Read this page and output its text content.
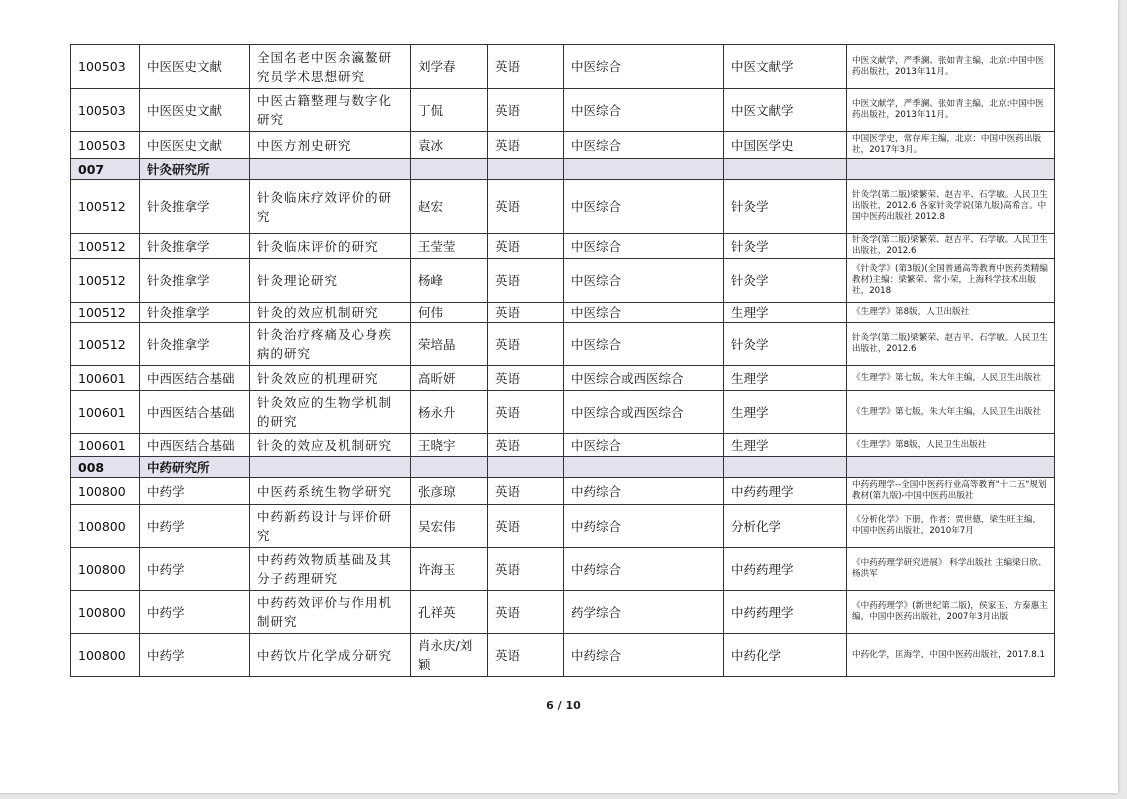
100503	中医医史文献	全国名老中医余瀛鳌研究员学术思想研究	刘学春	英语	中医综合	中医文献学	中医文献学，严季澜、张如青主编，北京:中国中医药出版社，2013年11月。
100503	中医医史文献	中医古籍整理与数字化研究	丁侃	英语	中医综合	中医文献学	中医文献学，严季澜、张如青主编，北京:中国中医药出版社，2013年11月。
100503	中医医史文献	中医方剂史研究	袁冰	英语	中医综合	中国医学史	中国医学史，常存库主编，北京：中国中医药出版社，2017年3月。
007	针灸研究所						
100512	针灸推拿学	针灸临床疗效评价的研究	赵宏	英语	中医综合	针灸学	针灸学(第二版)梁繁荣、赵吉平、石学敏。人民卫生出版社，2012.6 各家针灸学说(第九版)高希言。中国中医药出版社 2012.8
100512	针灸推拿学	针灸临床评价的研究	王莹莹	英语	中医综合	针灸学	针灸学(第二版)梁繁荣、赵吉平、石学敏。人民卫生出版社，2012.6
100512	针灸推拿学	针灸理论研究	杨峰	英语	中医综合	针灸学	《针灸学》(第3版)(全国普通高等教育中医药类精编教材)主编：梁繁荣、常小荣，上海科学技术出版社，2018
100512	针灸推拿学	针灸的效应机制研究	何伟	英语	中医综合	生理学	《生理学》第8版，人卫出版社
100512	针灸推拿学	针灸治疗疼痛及心身疾病的研究	荣培晶	英语	中医综合	针灸学	针灸学(第二版)梁繁荣、赵吉平、石学敏。人民卫生出版社，2012.6
100601	中西医结合基础	针灸效应的机理研究	高昕妍	英语	中医综合或西医综合	生理学	《生理学》第七版，朱大年主编，人民卫生出版社
100601	中西医结合基础	针灸效应的生物学机制的研究	杨永升	英语	中医综合或西医综合	生理学	《生理学》第七版，朱大年主编，人民卫生出版社
100601	中西医结合基础	针灸的效应及机制研究	王晓宇	英语	中医综合	生理学	《生理学》第8版，人民卫生出版社
008	中药研究所						
100800	中药学	中医药系统生物学研究	张彦琼	英语	中药综合	中药药理学	中药药理学--全国中医药行业高等教育"十二五"规划教材(第九版)-中国中医药出版社
100800	中药学	中药新药设计与评价研究	吴宏伟	英语	中药综合	分析化学	《分析化学》下册，作者：贾世德，梁生旺主编，中国中医药出版社，2010年7月
100800	中药学	中药药效物质基础及其分子药理研究	许海玉	英语	中药综合	中药药理学	《中药药理学研究进展》 科学出版社 主编梁日欣、杨洪军
100800	中药学	中药药效评价与作用机制研究	孔祥英	英语	药学综合	中药药理学	《中药药理学》(新世纪第二版)，侯家玉、方泰惠主编，中国中医药出版社，2007年3月出版
100800	中药学	中药饮片化学成分研究	肖永庆/刘颖	英语	中药综合	中药化学	中药化学，匡海学，中国中医药出版社，2017.8.1
6 / 10
